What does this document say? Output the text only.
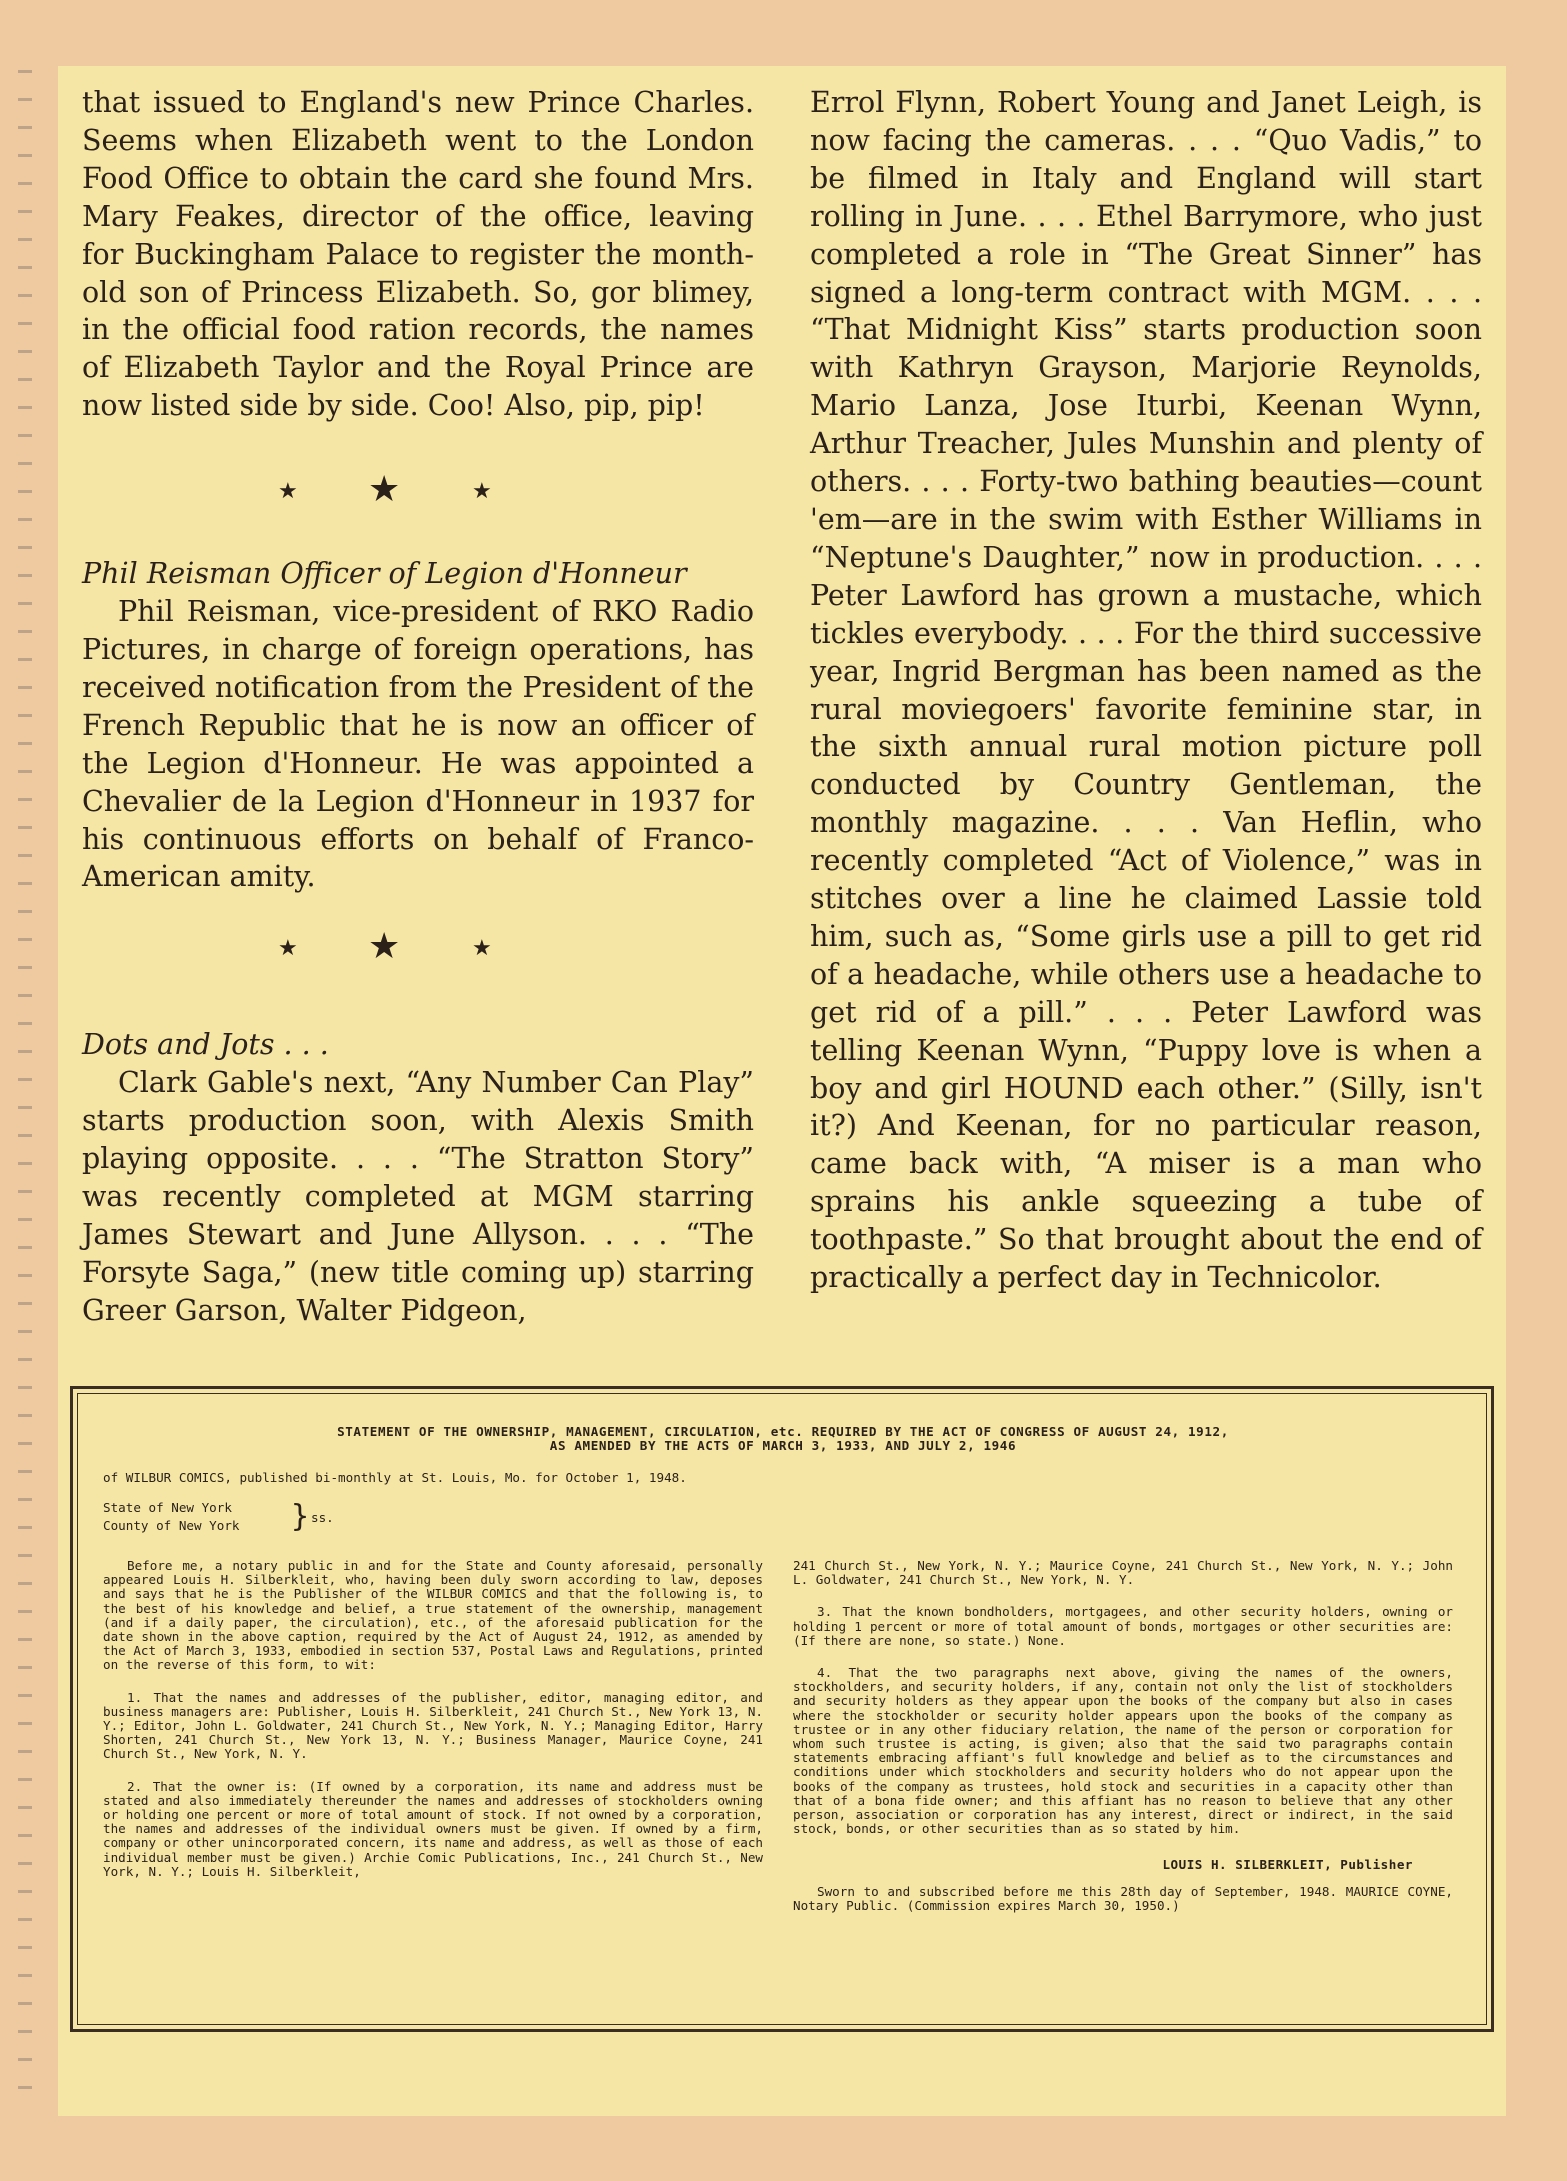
that issued to England's new Prince Charles. Seems when Elizabeth went to the London Food Office to obtain the card she found Mrs. Mary Feakes, director of the office, leaving for Buckingham Palace to register the month-old son of Princess Elizabeth. So, gor blimey, in the official food ration records, the names of Elizabeth Taylor and the Royal Prince are now listed side by side. Coo! Also, pip, pip!

★ ★	★

Phil Reisman Officer of Legion d'Honneur

Phil Reisman, vice-president of RKO Radio Pictures, in charge of foreign operations, has received notification from the President of the French Republic that he is now an officer of the Legion d'Honneur. He was appointed a Chevalier de la Legion d'Honneur in 1937 for his continuous efforts on behalf of Franco-American amity.

★ ★	★

Dots and Jots . . .

Clark Gable's next, “Any Number Can Play” starts production soon, with Alexis Smith playing opposite. . . . “The Stratton Story” was recently completed at MGM starring James Stewart and June Allyson. . . . “The Forsyte Saga,” (new title coming up) starring Greer Garson, Walter Pidgeon,

Errol Flynn, Robert Young and Janet Leigh, is now facing the cameras. . . . “Quo Vadis,” to be filmed in Italy and England will start rolling in June. . . . Ethel Barrymore, who just completed a role in “The Great Sinner” has signed a long-term contract with MGM. . . . “That Midnight Kiss” starts production soon with Kathryn Grayson, Marjorie Reynolds, Mario Lanza, Jose Iturbi, Keenan Wynn, Arthur Treacher, Jules Munshin and plenty of others. . . . Forty-two bathing beauties—count 'em—are in the swim with Esther Williams in “Neptune's Daughter,” now in production. . . . Peter Lawford has grown a mustache, which tickles everybody. . . . For the third successive year, Ingrid Bergman has been named as the rural moviegoers' favorite feminine star, in the sixth annual rural motion picture poll conducted by Country Gentleman, the monthly magazine. . . . Van Heflin, who recently completed “Act of Violence,” was in stitches over a line he claimed Lassie told him, such as, “Some girls use a pill to get rid of a headache, while others use a headache to get rid of a pill.” . . . Peter Lawford was telling Keenan Wynn, “Puppy love is when a boy and girl HOUND each other.” (Silly, isn't it?) And Keenan, for no particular reason, came back with, “A miser is a man who sprains his ankle squeezing a tube of toothpaste.” So that brought about the end of practically a perfect day in Technicolor.

STATEMENT OF THE OWNERSHIP, MANAGEMENT, CIRCULATION, etc. REQUIRED BY THE ACT OF CONGRESS OF AUGUST 24, 1912,
AS AMENDED BY THE ACTS OF MARCH 3, 1933, AND JULY 2, 1946
of WILBUR COMICS, published bi-monthly at St. Louis, Mo. for October 1, 1948.
State of New York
County of New York } ss.

Before me, a notary public in and for the State and County aforesaid, personally appeared Louis H. Silberkleit, who, having been duly sworn according to law, deposes and says that he is the Publisher of the WILBUR COMICS and that the following is, to the best of his knowledge and belief, a true statement of the ownership, management (and if a daily paper, the circulation), etc., of the aforesaid publication for the date shown in the above caption, required by the Act of August 24, 1912, as amended by the Act of March 3, 1933, embodied in section 537, Postal Laws and Regulations, printed on the reverse of this form, to wit:

1. That the names and addresses of the publisher, editor, managing editor, and business managers are: Publisher, Louis H. Silberkleit, 241 Church St., New York 13, N. Y.; Editor, John L. Goldwater, 241 Church St., New York, N. Y.; Managing Editor, Harry Shorten, 241 Church St., New York 13, N. Y.; Business Manager, Maurice Coyne, 241 Church St., New York, N. Y.

2. That the owner is: (If owned by a corporation, its name and address must be stated and also immediately thereunder the names and addresses of stockholders owning or holding one percent or more of total amount of stock. If not owned by a corporation, the names and addresses of the individual owners must be given. If owned by a firm, company or other unincorporated concern, its name and address, as well as those of each individual member must be given.) Archie Comic Publications, Inc., 241 Church St., New York, N. Y.; Louis H. Silberkleit,

241 Church St., New York, N. Y.; Maurice Coyne, 241 Church St., New York, N. Y.; John L. Goldwater, 241 Church St., New York, N. Y.

3. That the known bondholders, mortgagees, and other security holders, owning or holding 1 percent or more of total amount of bonds, mortgages or other securities are: (If there are none, so state.) None.

4. That the two paragraphs next above, giving the names of the owners, stockholders, and security holders, if any, contain not only the list of stockholders and security holders as they appear upon the books of the company but also in cases where the stockholder or security holder appears upon the books of the company as trustee or in any other fiduciary relation, the name of the person or corporation for whom such trustee is acting, is given; also that the said two paragraphs contain statements embracing affiant's full knowledge and belief as to the circumstances and conditions under which stockholders and security holders who do not appear upon the books of the company as trustees, hold stock and securities in a capacity other than that of a bona fide owner; and this affiant has no reason to believe that any other person, association or corporation has any interest, direct or indirect, in the said stock, bonds, or other securities than as so stated by him.

LOUIS H. SILBERKLEIT, Publisher

Sworn to and subscribed before me this 28th day of September, 1948. MAURICE COYNE, Notary Public. (Commission expires March 30, 1950.)
